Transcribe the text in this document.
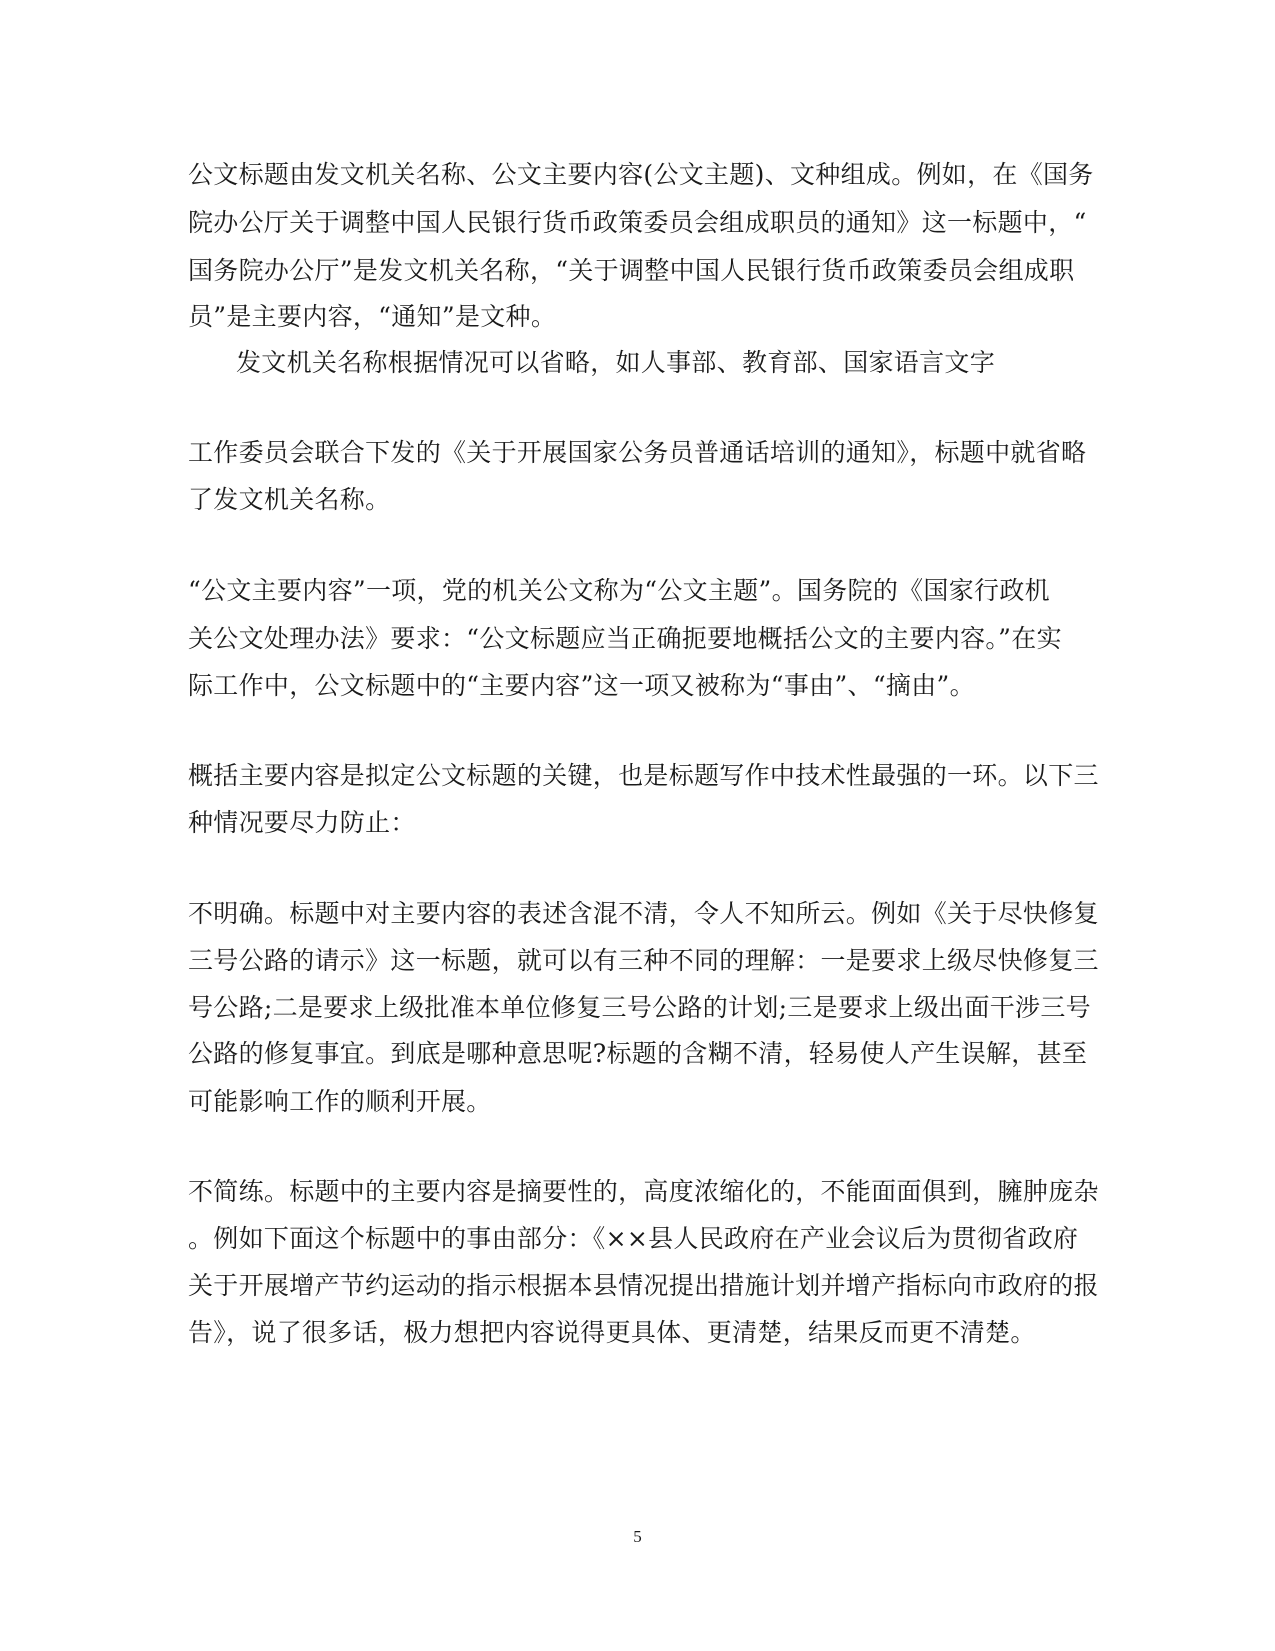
公文标题由发文机关名称、公文主要内容(公文主题)、文种组成。例如，在《国务
院办公厅关于调整中国人民银行货币政策委员会组成职员的通知》这一标题中，“
国务院办公厅”是发文机关名称，“关于调整中国人民银行货币政策委员会组成职
员”是主要内容，“通知”是文种。
发文机关名称根据情况可以省略，如人事部、教育部、国家语言文字
工作委员会联合下发的《关于开展国家公务员普通话培训的通知》，标题中就省略
了发文机关名称。
“公文主要内容”一项，党的机关公文称为“公文主题”。国务院的《国家行政机
关公文处理办法》要求：“公文标题应当正确扼要地概括公文的主要内容。”在实
际工作中，公文标题中的“主要内容”这一项又被称为“事由”、“摘由”。
概括主要内容是拟定公文标题的关键，也是标题写作中技术性最强的一环。以下三
种情况要尽力防止：
不明确。标题中对主要内容的表述含混不清，令人不知所云。例如《关于尽快修复
三号公路的请示》这一标题，就可以有三种不同的理解：一是要求上级尽快修复三
号公路;二是要求上级批准本单位修复三号公路的计划;三是要求上级出面干涉三号
公路的修复事宜。到底是哪种意思呢?标题的含糊不清，轻易使人产生误解，甚至
可能影响工作的顺利开展。
不简练。标题中的主要内容是摘要性的，高度浓缩化的，不能面面俱到，臃肿庞杂
。例如下面这个标题中的事由部分：《××县人民政府在产业会议后为贯彻省政府
关于开展增产节约运动的指示根据本县情况提出措施计划并增产指标向市政府的报
告》，说了很多话，极力想把内容说得更具体、更清楚，结果反而更不清楚。
5
